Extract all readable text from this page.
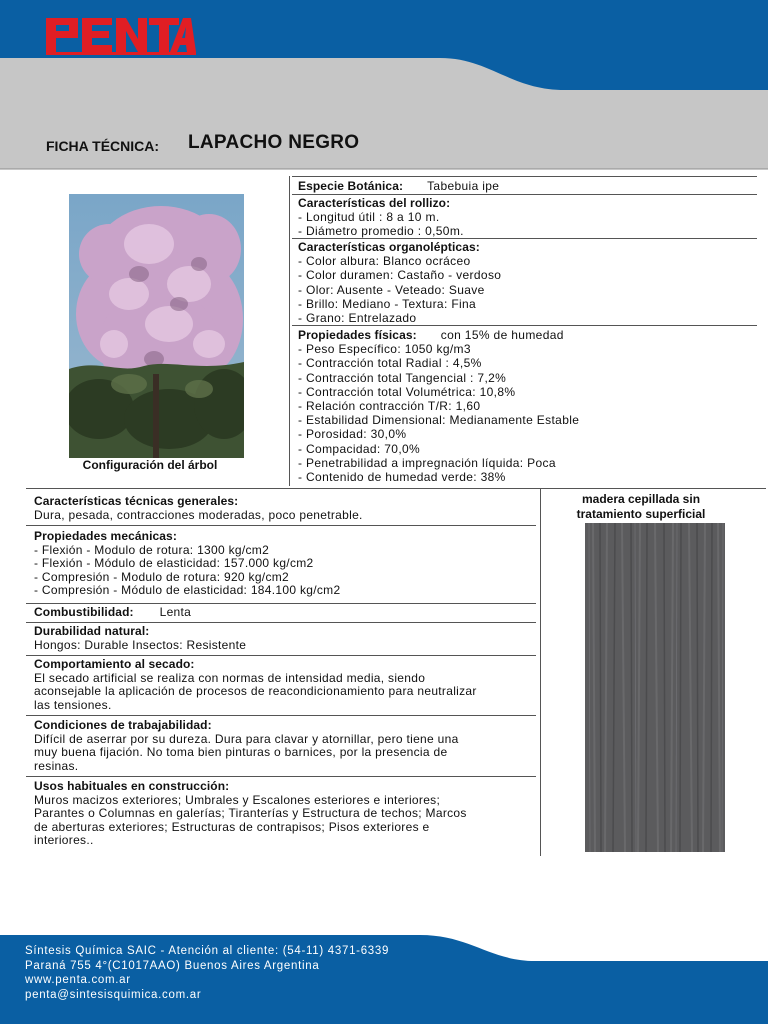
FICHA TÉCNICA: LAPACHO NEGRO
Configuración del árbol
Especie Botánica: Tabebuia ipe
Características del rollizo:
- Longitud útil : 8 a 10 m.
- Diámetro promedio : 0,50m.
Características organolépticas:
- Color albura: Blanco ocráceo
- Color duramen: Castaño - verdoso
- Olor: Ausente - Veteado: Suave
- Brillo: Mediano - Textura: Fina
- Grano: Entrelazado
Propiedades físicas: con 15% de humedad
- Peso Específico: 1050 kg/m3
- Contracción total Radial : 4,5%
- Contracción total Tangencial : 7,2%
- Contracción total Volumétrica: 10,8%
- Relación contracción T/R: 1,60
- Estabilidad Dimensional: Medianamente Estable
- Porosidad: 30,0%
- Compacidad: 70,0%
- Penetrabilidad a impregnación líquida: Poca
- Contenido de humedad verde: 38%
Características técnicas generales:
Dura, pesada, contracciones moderadas, poco penetrable.
Propiedades mecánicas:
- Flexión - Modulo de rotura: 1300 kg/cm2
- Flexión - Módulo de elasticidad: 157.000 kg/cm2
- Compresión - Modulo de rotura: 920 kg/cm2
- Compresión - Módulo de elasticidad: 184.100 kg/cm2
Combustibilidad: Lenta
Durabilidad natural:
Hongos: Durable Insectos: Resistente
Comportamiento al secado:
El secado artificial se realiza con normas de intensidad media, siendo
aconsejable la aplicación de procesos de reacondicionamiento para neutralizar
las tensiones.
Condiciones de trabajabilidad:
Difícil de aserrar por su dureza. Dura para clavar y atornillar, pero tiene una
muy buena fijación. No toma bien pinturas o barnices, por la presencia de
resinas.
Usos habituales en construcción:
Muros macizos exteriores; Umbrales y Escalones esteriores e interiores;
Parantes o Columnas en galerías; Tiranterías y Estructura de techos; Marcos
de aberturas exteriores; Estructuras de contrapisos; Pisos exteriores e
interiores..
madera cepillada sin
tratamiento superficial
Síntesis Química SAIC - Atención al cliente: (54-11) 4371-6339
Paraná 755 4°(C1017AAO) Buenos Aires Argentina
www.penta.com.ar
penta@sintesisquimica.com.ar
